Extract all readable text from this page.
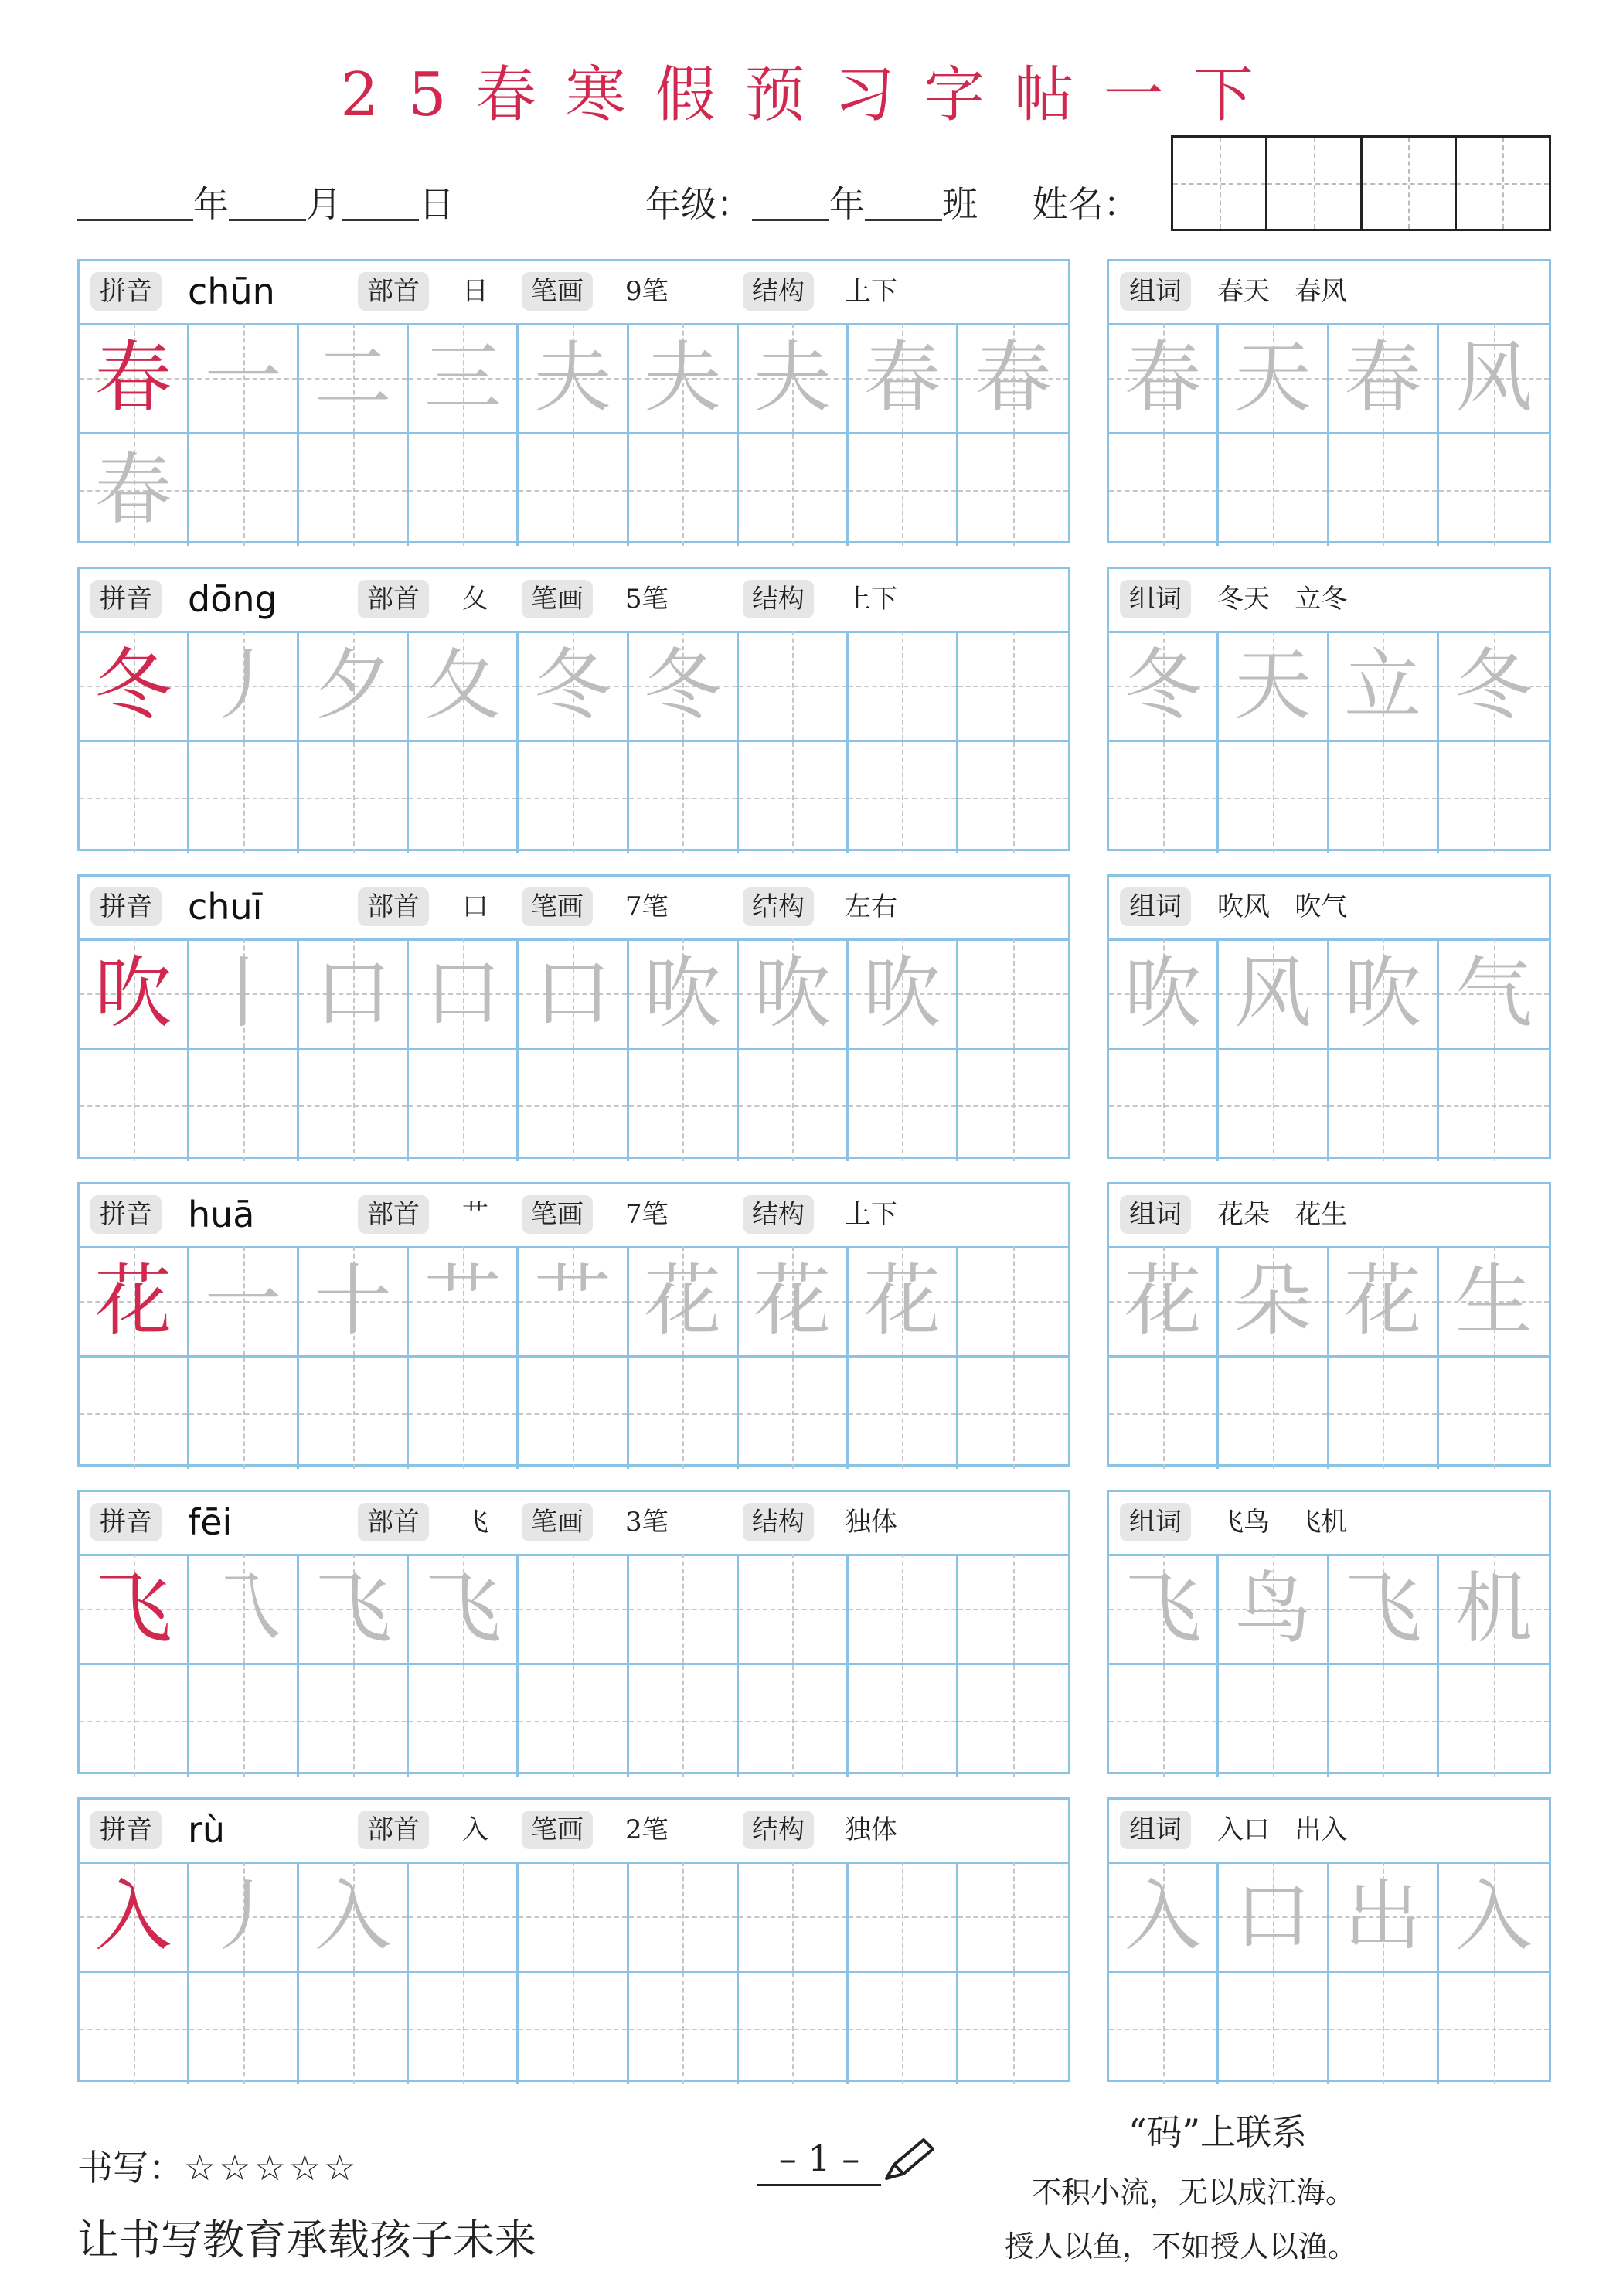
25春寒假预习字帖一下
年 月 日	年级： 年 班 姓名：
拼音 chūn	部首	日	笔画	9笔	结构	上下
春 一 二 三 夫 夫 夫 春 春
春
组词	春天   春风
春 天 春 风
拼音 dōng	部首	夂	笔画	5笔	结构	上下
冬 丿 夕 夂 冬 冬
组词	冬天   立冬
冬 天 立 冬
拼音 chuī	部首	口	笔画	7笔	结构	左右
吹 丨 口 口 口 吹 吹 吹
组词	吹风   吹气
吹 风 吹 气
拼音 huā	部首	艹	笔画	7笔	结构	上下
花 一 十 艹 艹 花 花 花
组词	花朵   花生
花 朵 花 生
拼音 fēi	部首	飞	笔画	3笔	结构	独体
飞 乁 飞 飞
组词	飞鸟   飞机
飞 鸟 飞 机
拼音 rù	部首	入	笔画	2笔	结构	独体
入 丿 入
组词	入口   出入
入 口 出 入
书写：☆☆☆☆☆	– 1 –
让书写教育承载孩子未来
“码”上联系
不积小流，无以成江海。
授人以鱼，不如授人以渔。
